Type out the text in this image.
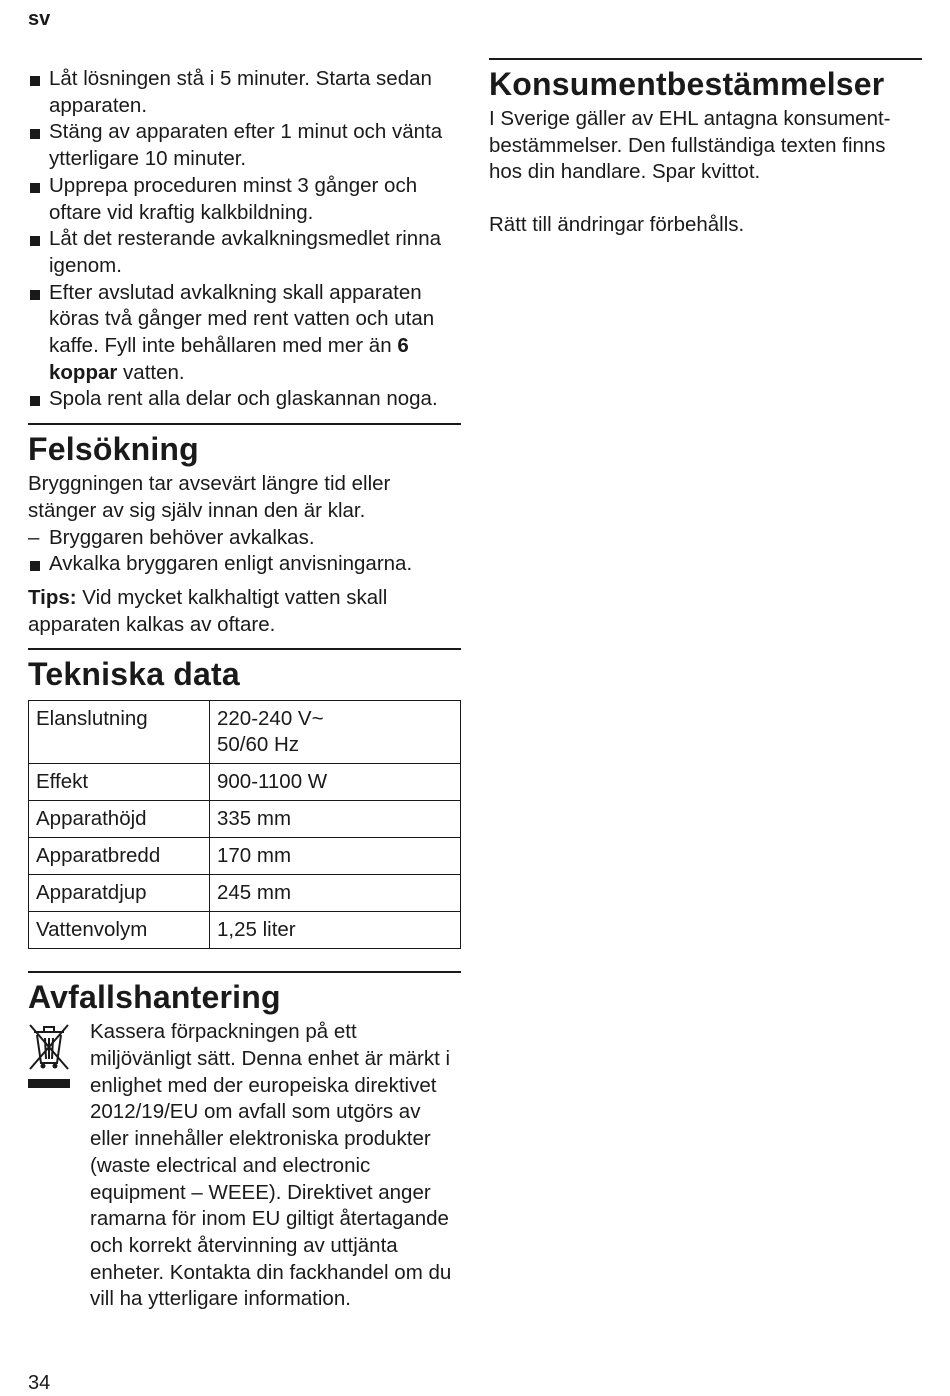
sv
Låt lösningen stå i 5 minuter. Starta sedan apparaten.
Stäng av apparaten efter 1 minut och vänta ytterligare 10 minuter.
Upprepa proceduren minst 3 gånger och oftare vid kraftig kalkbildning.
Låt det resterande avkalkningsmedlet rinna igenom.
Efter avslutad avkalkning skall apparaten köras två gånger med rent vatten och utan kaffe. Fyll inte behållaren med mer än 6 koppar vatten.
Spola rent alla delar och glaskannan noga.
Felsökning
Bryggningen tar avsevärt längre tid eller stänger av sig själv innan den är klar.
– Bryggaren behöver avkalkas.
Avkalka bryggaren enligt anvisningarna.
Tips: Vid mycket kalkhaltigt vatten skall apparaten kalkas av oftare.
Tekniska data
Elanslutning	220-240 V~
50/60 Hz

Effekt	900-1100 W
Apparathöjd	335 mm
Apparatbredd	170 mm
Apparatdjup	245 mm
Vattenvolym	1,25 liter
Avfallshantering
Kassera förpackningen på ett miljövänligt sätt. Denna enhet är märkt i enlighet med der europeiska direktivet 2012/19/EU om avfall som utgörs av eller innehåller elektroniska produkter (waste electrical and electronic equipment – WEEE). Direktivet anger ramarna för inom EU giltigt återtagande och korrekt återvinning av uttjänta enheter. Kontakta din fackhandel om du vill ha ytterligare information.
Konsumentbestämmelser
I Sverige gäller av EHL antagna konsumentbestämmelser. Den fullständiga texten finns hos din handlare. Spar kvittot.
Rätt till ändringar förbehålls.
34
